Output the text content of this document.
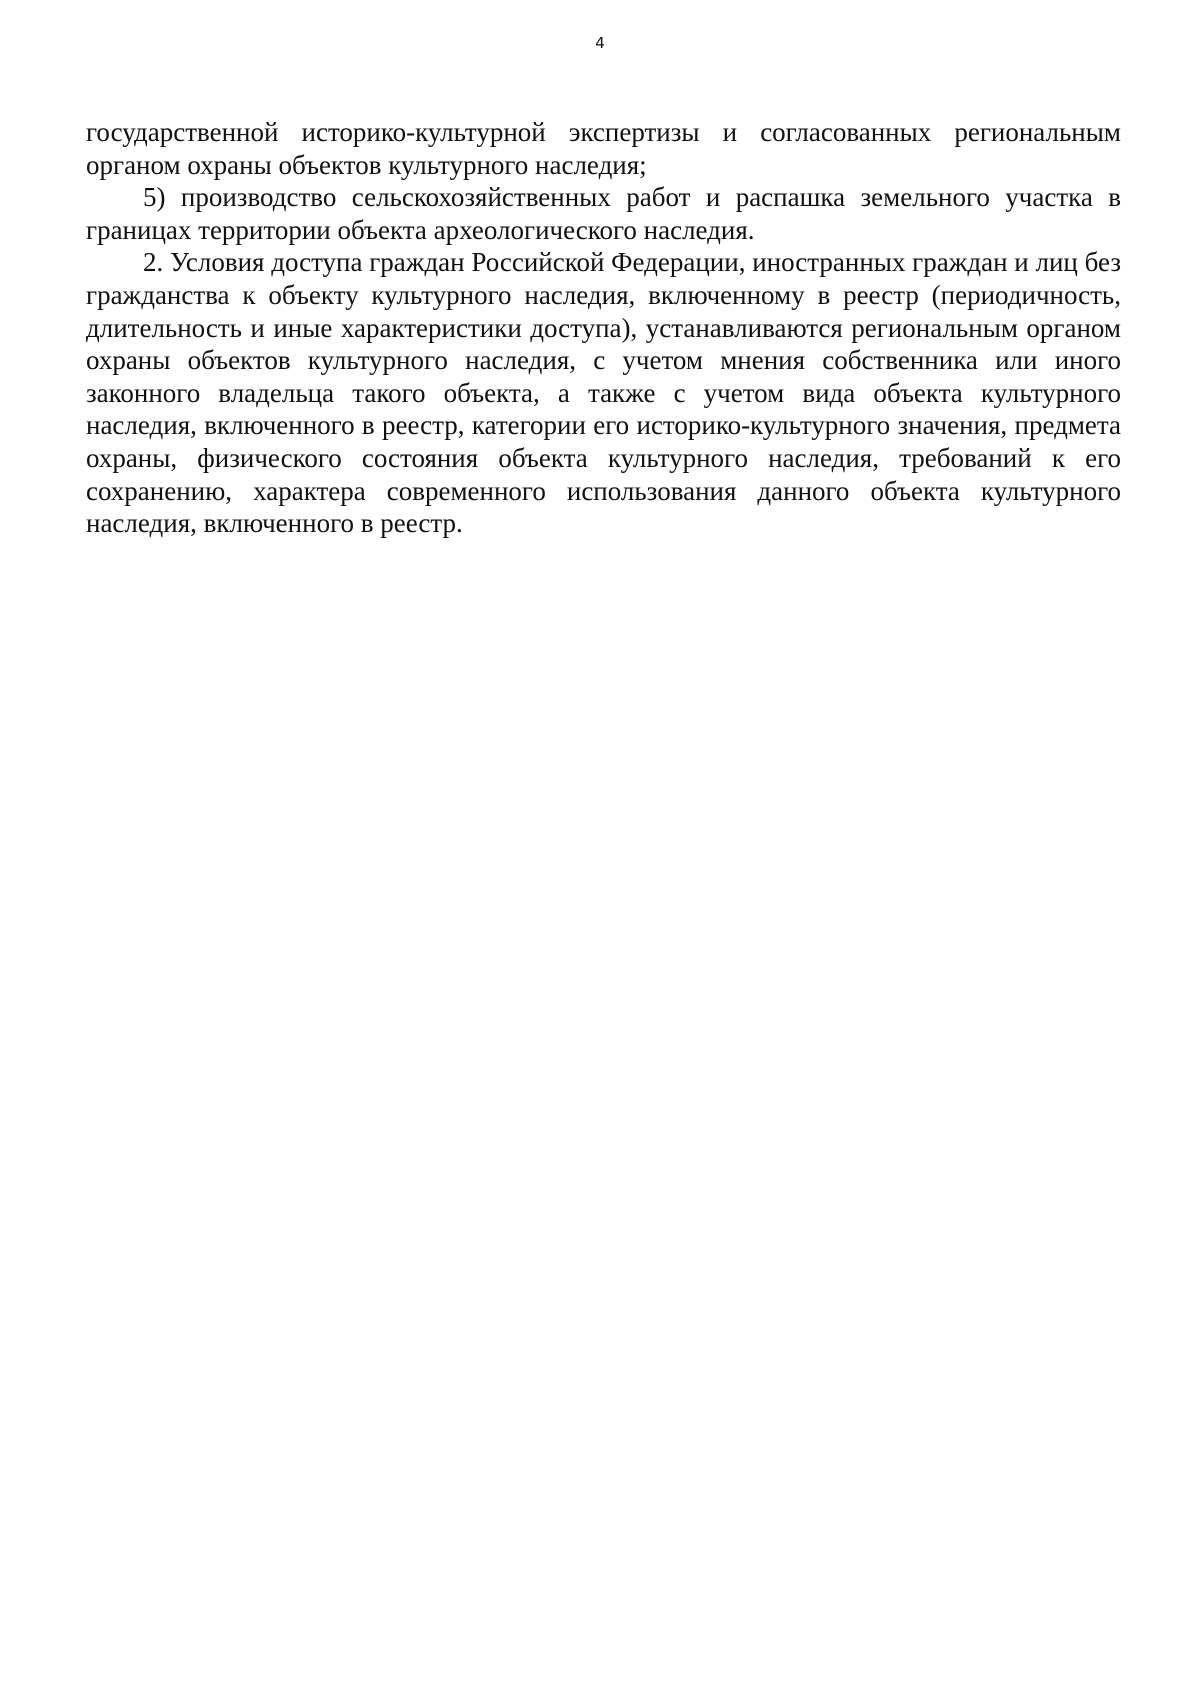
4

государственной историко-культурной экспертизы и согласованных региональным органом охраны объектов культурного наследия;

5) производство сельскохозяйственных работ и распашка земельного участка в границах территории объекта археологического наследия.

2. Условия доступа граждан Российской Федерации, иностранных граждан и лиц без гражданства к объекту культурного наследия, включенному в реестр (периодичность, длительность и иные характеристики доступа), устанавливаются региональным органом охраны объектов культурного наследия, с учетом мнения собственника или иного законного владельца такого объекта, а также с учетом вида объекта культурного наследия, включенного в реестр, категории его историко-культурного значения, предмета охраны, физического состояния объекта культурного наследия, требований к его сохранению, характера современного использования данного объекта культурного наследия, включенного в реестр.
